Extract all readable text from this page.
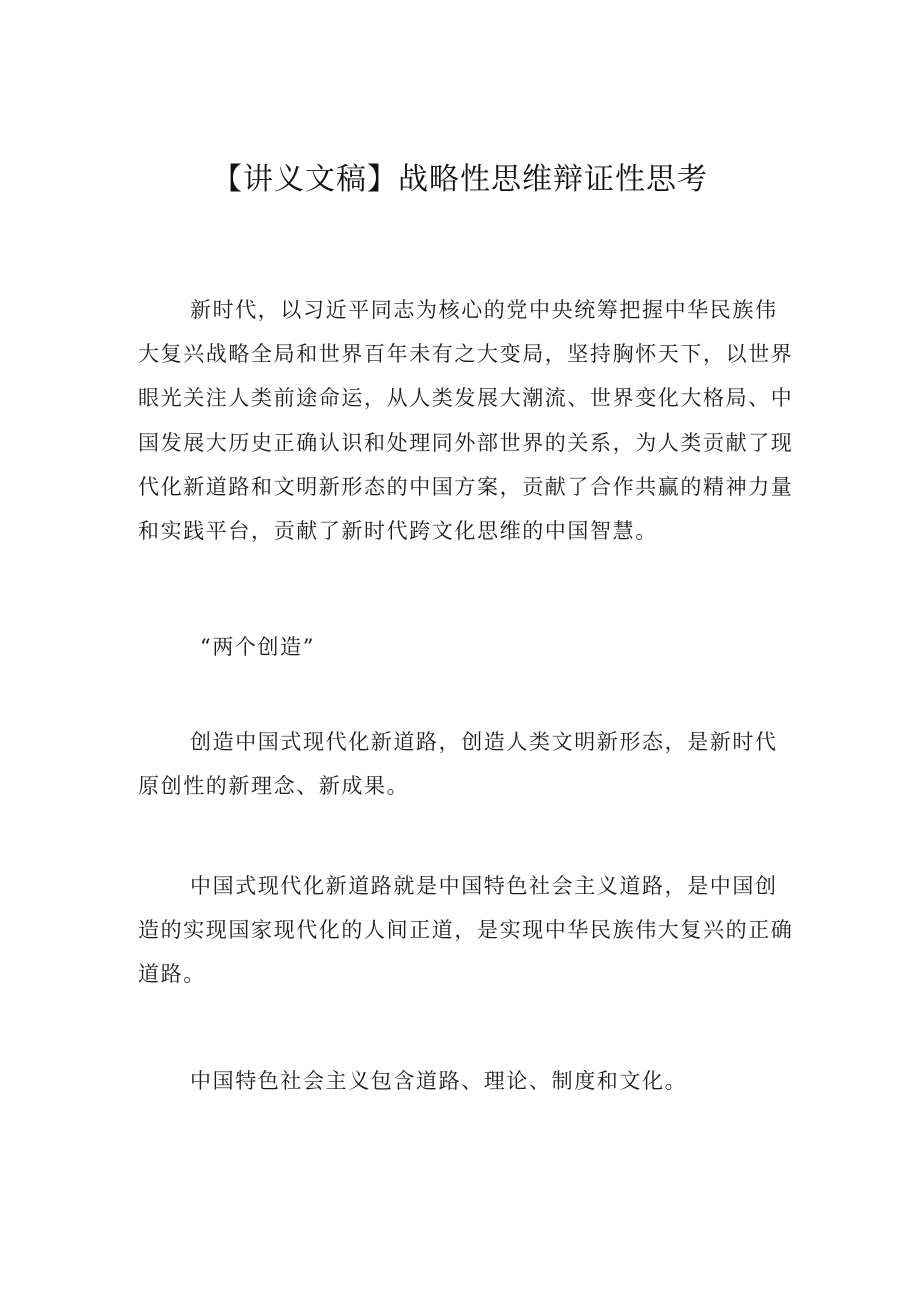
【讲义文稿】战略性思维辩证性思考

新时代，以习近平同志为核心的党中央统筹把握中华民族伟大复兴战略全局和世界百年未有之大变局，坚持胸怀天下，以世界眼光关注人类前途命运，从人类发展大潮流、世界变化大格局、中国发展大历史正确认识和处理同外部世界的关系，为人类贡献了现代化新道路和文明新形态的中国方案，贡献了合作共赢的精神力量和实践平台，贡献了新时代跨文化思维的中国智慧。

“两个创造”

创造中国式现代化新道路，创造人类文明新形态，是新时代原创性的新理念、新成果。

中国式现代化新道路就是中国特色社会主义道路，是中国创造的实现国家现代化的人间正道，是实现中华民族伟大复兴的正确道路。

中国特色社会主义包含道路、理论、制度和文化。
